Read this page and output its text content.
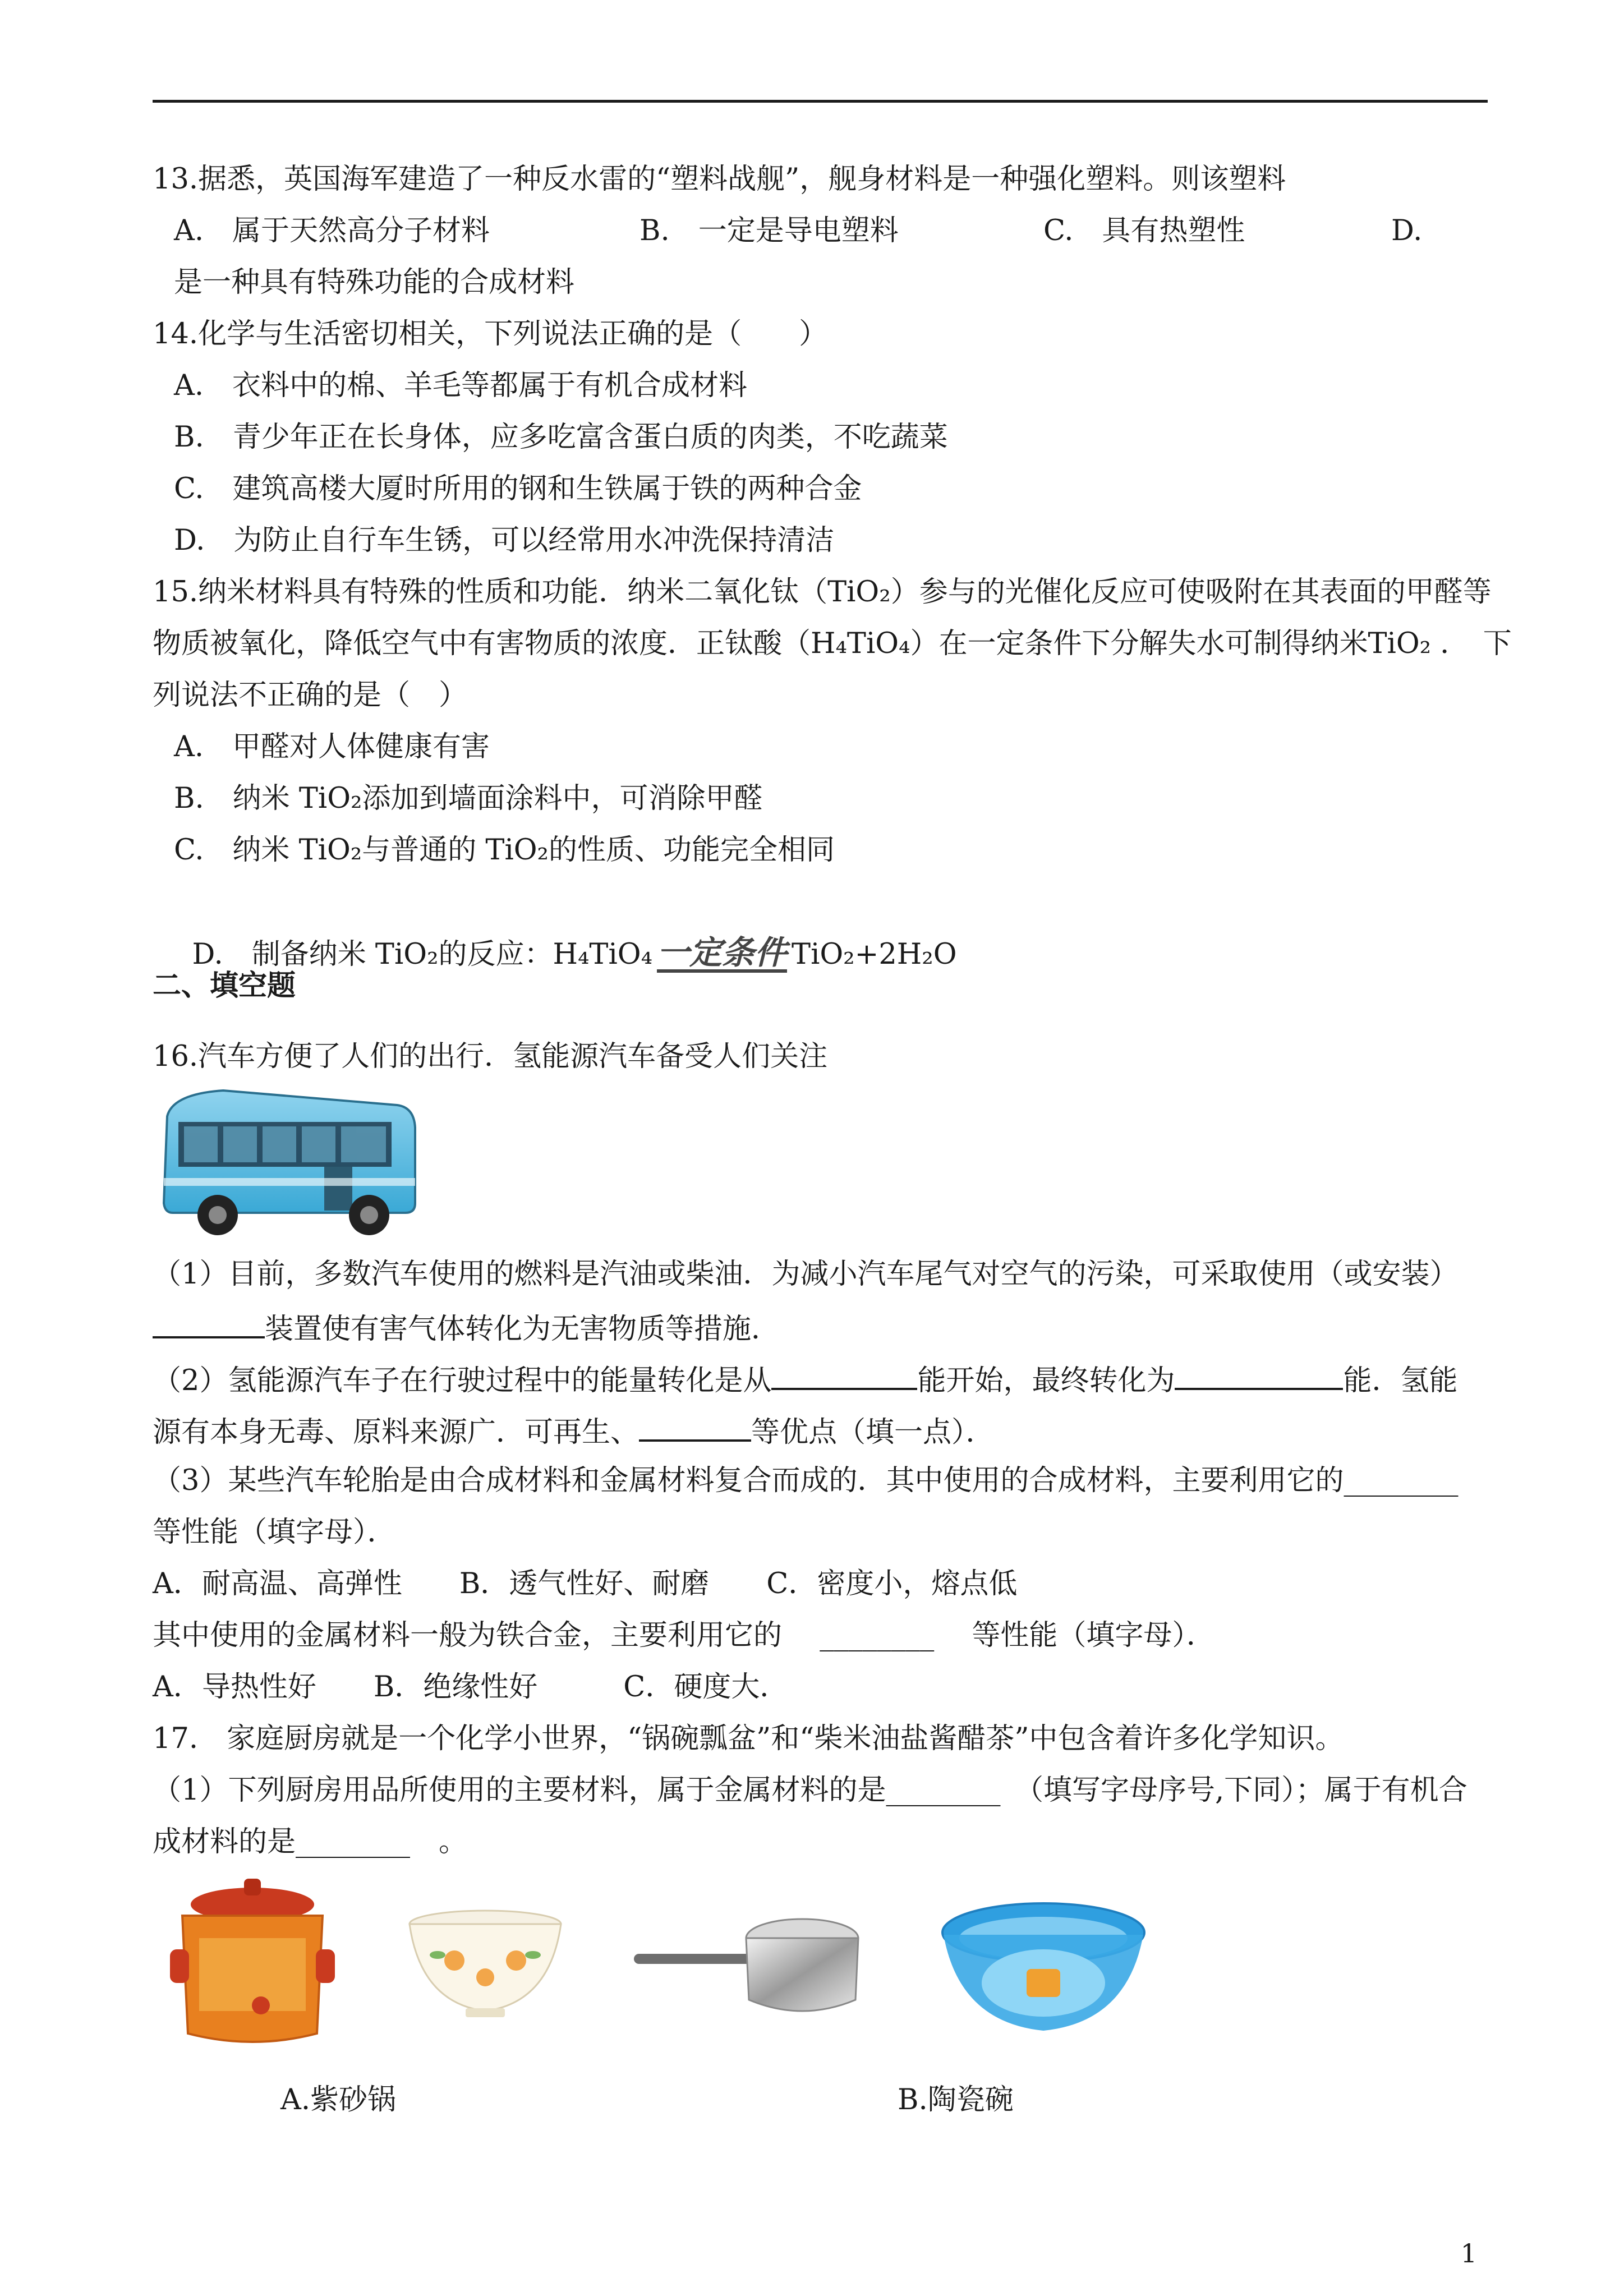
13.据悉，英国海军建造了一种反水雷的“塑料战舰”，舰身材料是一种强化塑料。则该塑料
A.　属于天然高分子材料	B.　一定是导电塑料	C.　具有热塑性	D.
是一种具有特殊功能的合成材料
14.化学与生活密切相关，下列说法正确的是（　　）
A.　衣料中的棉、羊毛等都属于有机合成材料
B.　青少年正在长身体，应多吃富含蛋白质的肉类，不吃蔬菜
C.　建筑高楼大厦时所用的钢和生铁属于铁的两种合金
D.　为防止自行车生锈，可以经常用水冲洗保持清洁
15.纳米材料具有特殊的性质和功能．纳米二氧化钛（TiO₂）参与的光催化反应可使吸附在其表面的甲醛等
物质被氧化，降低空气中有害物质的浓度．正钛酸（H₄TiO₄）在一定条件下分解失水可制得纳米TiO₂ ．　下
列说法不正确的是（　）
A.　甲醛对人体健康有害
B.　纳米 TiO₂添加到墙面涂料中，可消除甲醛
C.　纳米 TiO₂与普通的 TiO₂的性质、功能完全相同

D.　制备纳米 TiO₂的反应：H₄TiO₄ 一定条件 TiO₂+2H₂O

二、填空题
16.汽车方便了人们的出行．氢能源汽车备受人们关注
（1）目前，多数汽车使用的燃料是汽油或柴油．为减小汽车尾气对空气的污染，可采取使用（或安装）
装置使有害气体转化为无害物质等措施．
（2）氢能源汽车子在行驶过程中的能量转化是从	能开始，最终转化为	能．氢能
源有本身无毒、原料来源广．可再生、	等优点（填一点）．
（3）某些汽车轮胎是由合成材料和金属材料复合而成的．其中使用的合成材料，主要利用它的________
等性能（填字母）．
A．耐高温、高弹性　　B．透气性好、耐磨　　C．密度小，熔点低
其中使用的金属材料一般为铁合金，主要利用它的　 ________　 等性能（填字母）．
A．导热性好　　B．绝缘性好　　　C．硬度大．
17.　家庭厨房就是一个化学小世界，“锅碗瓢盆”和“柴米油盐酱醋茶”中包含着许多化学知识。
（1）下列厨房用品所使用的主要材料，属于金属材料的是________　（填写字母序号,下同）；属于有机合
成材料的是________　。
A.紫砂锅	B.陶瓷碗
1
